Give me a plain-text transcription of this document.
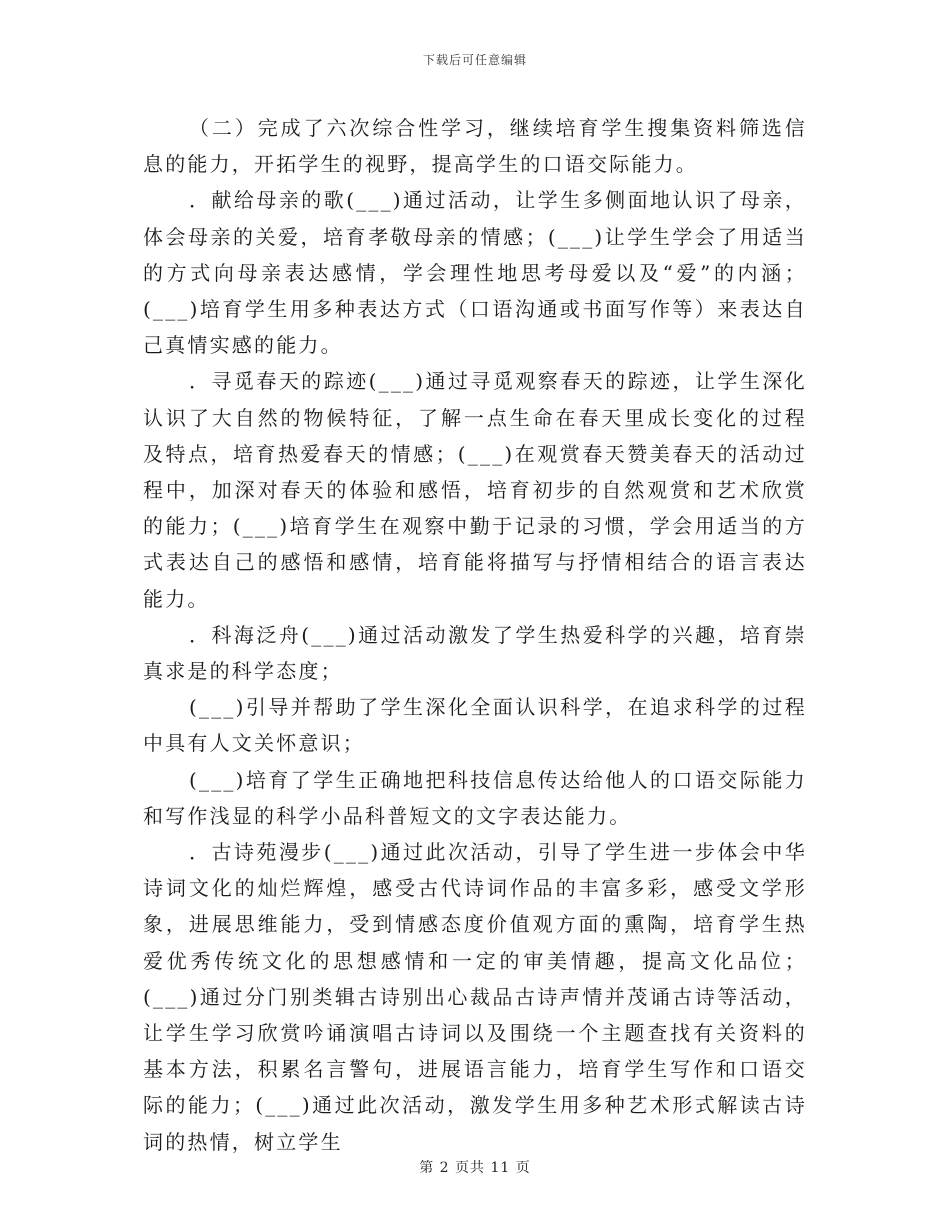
下载后可任意编辑

（二）完成了六次综合性学习，继续培育学生搜集资料筛选信息的能力，开拓学生的视野，提高学生的口语交际能力。

．献给母亲的歌(___)通过活动，让学生多侧面地认识了母亲，体会母亲的关爱，培育孝敬母亲的情感；(___)让学生学会了用适当的方式向母亲表达感情，学会理性地思考母爱以及“爱”的内涵；(___)培育学生用多种表达方式（口语沟通或书面写作等）来表达自己真情实感的能力。

．寻觅春天的踪迹(___)通过寻觅观察春天的踪迹，让学生深化认识了大自然的物候特征，了解一点生命在春天里成长变化的过程及特点，培育热爱春天的情感；(___)在观赏春天赞美春天的活动过程中，加深对春天的体验和感悟，培育初步的自然观赏和艺术欣赏的能力；(___)培育学生在观察中勤于记录的习惯，学会用适当的方式表达自己的感悟和感情，培育能将描写与抒情相结合的语言表达能力。

．科海泛舟(___)通过活动激发了学生热爱科学的兴趣，培育崇真求是的科学态度；

(___)引导并帮助了学生深化全面认识科学，在追求科学的过程中具有人文关怀意识；

(___)培育了学生正确地把科技信息传达给他人的口语交际能力和写作浅显的科学小品科普短文的文字表达能力。

．古诗苑漫步(___)通过此次活动，引导了学生进一步体会中华诗词文化的灿烂辉煌，感受古代诗词作品的丰富多彩，感受文学形象，进展思维能力，受到情感态度价值观方面的熏陶，培育学生热爱优秀传统文化的思想感情和一定的审美情趣，提高文化品位；(___)通过分门别类辑古诗别出心裁品古诗声情并茂诵古诗等活动，让学生学习欣赏吟诵演唱古诗词以及围绕一个主题查找有关资料的基本方法，积累名言警句，进展语言能力，培育学生写作和口语交际的能力；(___)通过此次活动，激发学生用多种艺术形式解读古诗词的热情，树立学生

第 2 页共 11 页
